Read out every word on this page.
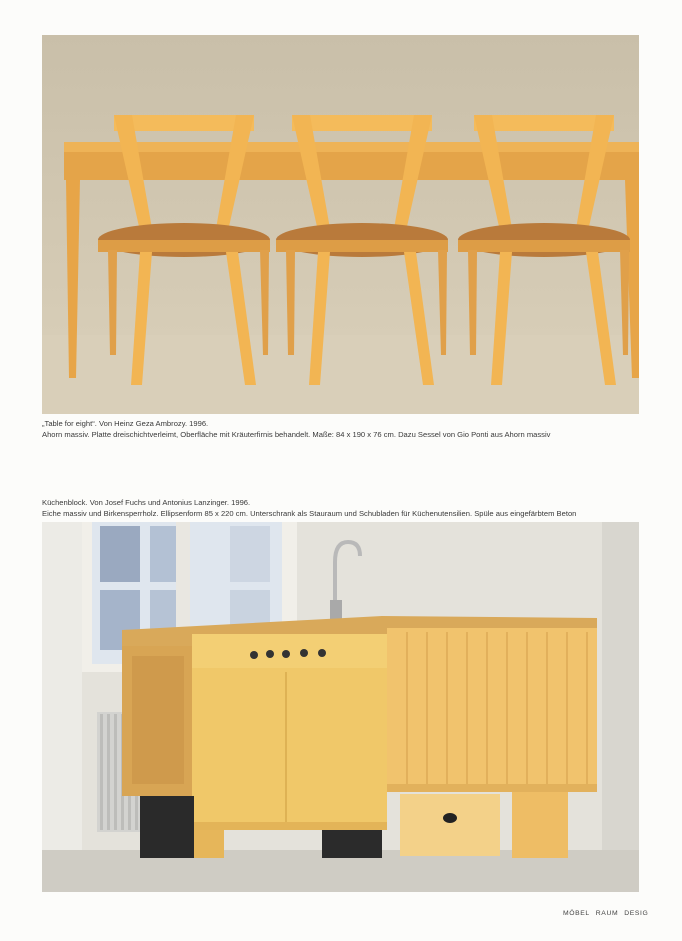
„Table for eight“. Von Heinz Geza Ambrozy. 1996.
Ahorn massiv. Platte dreischichtverleimt, Oberfläche mit Kräuterfirnis behandelt. Maße: 84 x 190 x 76 cm. Dazu Sessel von Gio Ponti aus Ahorn massiv

Küchenblock. Von Josef Fuchs und Antonius Lanzinger. 1996.
Eiche massiv und Birkensperrholz. Ellipsenform 85 x 220 cm. Unterschrank als Stauraum und Schubladen für Küchenutensilien. Spüle aus eingefärbtem Beton

MÖBEL RAUM DESIG
